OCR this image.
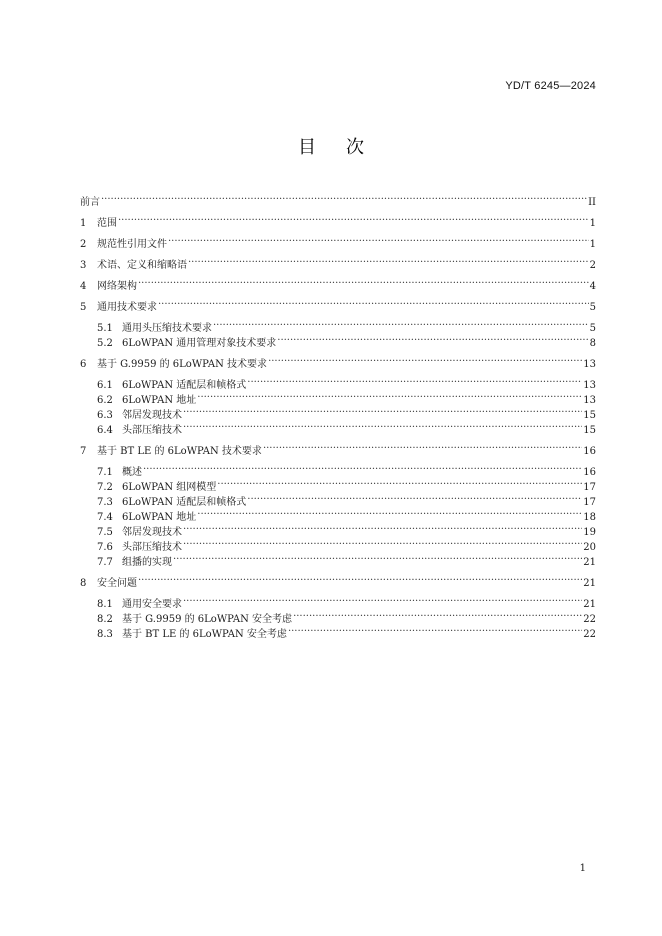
YD/T 6245—2024
目 次
前言 .....	II
1	范围 .....	1
2	规范性引用文件 .....	1
3	术语、定义和缩略语 .....	2
4	网络架构 .....	4
5	通用技术要求 .....	5
5.1 通用头压缩技术要求 .....	5
5.2 6LoWPAN 通用管理对象技术要求 .....	8
6	基于 G.9959 的 6LoWPAN 技术要求 .....	13
6.1 6LoWPAN 适配层和帧格式 .....	13
6.2 6LoWPAN 地址 .....	13
6.3 邻居发现技术 .....	15
6.4 头部压缩技术 .....	15
7	基于 BT LE 的 6LoWPAN 技术要求 .....	16
7.1 概述 .....	16
7.2 6LoWPAN 组网模型 .....	17
7.3 6LoWPAN 适配层和帧格式 .....	17
7.4 6LoWPAN 地址 .....	18
7.5 邻居发现技术 .....	19
7.6 头部压缩技术 .....	20
7.7 组播的实现 .....	21
8	安全问题 .....	21
8.1 通用安全要求 .....	21
8.2 基于 G.9959 的 6LoWPAN 安全考虑 .....	22
8.3 基于 BT LE 的 6LoWPAN 安全考虑 .....	22
1
